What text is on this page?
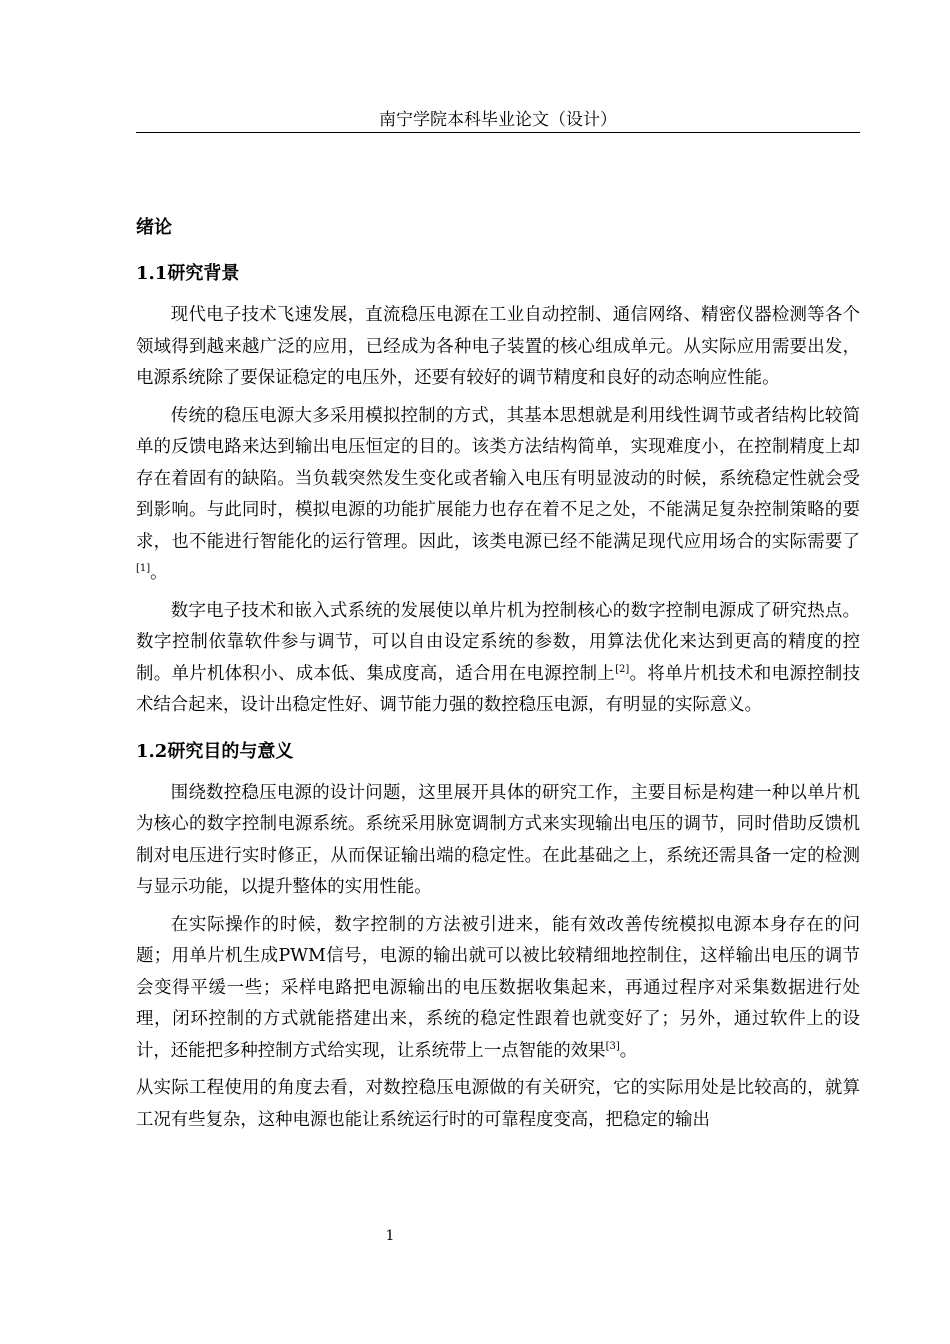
南宁学院本科毕业论文（设计）
绪论
1.1研究背景

现代电子技术飞速发展，直流稳压电源在工业自动控制、通信网络、精密仪器检测等各个领域得到越来越广泛的应用，已经成为各种电子装置的核心组成单元。从实际应用需要出发，电源系统除了要保证稳定的电压外，还要有较好的调节精度和良好的动态响应性能。

传统的稳压电源大多采用模拟控制的方式，其基本思想就是利用线性调节或者结构比较简单的反馈电路来达到输出电压恒定的目的。该类方法结构简单，实现难度小，在控制精度上却存在着固有的缺陷。当负载突然发生变化或者输入电压有明显波动的时候，系统稳定性就会受到影响。与此同时，模拟电源的功能扩展能力也存在着不足之处，不能满足复杂控制策略的要求，也不能进行智能化的运行管理。因此，该类电源已经不能满足现代应用场合的实际需要了[1]。

数字电子技术和嵌入式系统的发展使以单片机为控制核心的数字控制电源成了研究热点。数字控制依靠软件参与调节，可以自由设定系统的参数，用算法优化来达到更高的精度的控制。单片机体积小、成本低、集成度高，适合用在电源控制上[2]。将单片机技术和电源控制技术结合起来，设计出稳定性好、调节能力强的数控稳压电源，有明显的实际意义。

1.2研究目的与意义

围绕数控稳压电源的设计问题，这里展开具体的研究工作，主要目标是构建一种以单片机为核心的数字控制电源系统。系统采用脉宽调制方式来实现输出电压的调节，同时借助反馈机制对电压进行实时修正，从而保证输出端的稳定性。在此基础之上，系统还需具备一定的检测与显示功能，以提升整体的实用性能。

在实际操作的时候，数字控制的方法被引进来，能有效改善传统模拟电源本身存在的问题；用单片机生成PWM信号，电源的输出就可以被比较精细地控制住，这样输出电压的调节会变得平缓一些；采样电路把电源输出的电压数据收集起来，再通过程序对采集数据进行处理，闭环控制的方式就能搭建出来，系统的稳定性跟着也就变好了；另外，通过软件上的设计，还能把多种控制方式给实现，让系统带上一点智能的效果[3]。

从实际工程使用的角度去看，对数控稳压电源做的有关研究，它的实际用处是比较高的，就算工况有些复杂，这种电源也能让系统运行时的可靠程度变高，把稳定的输出

1
